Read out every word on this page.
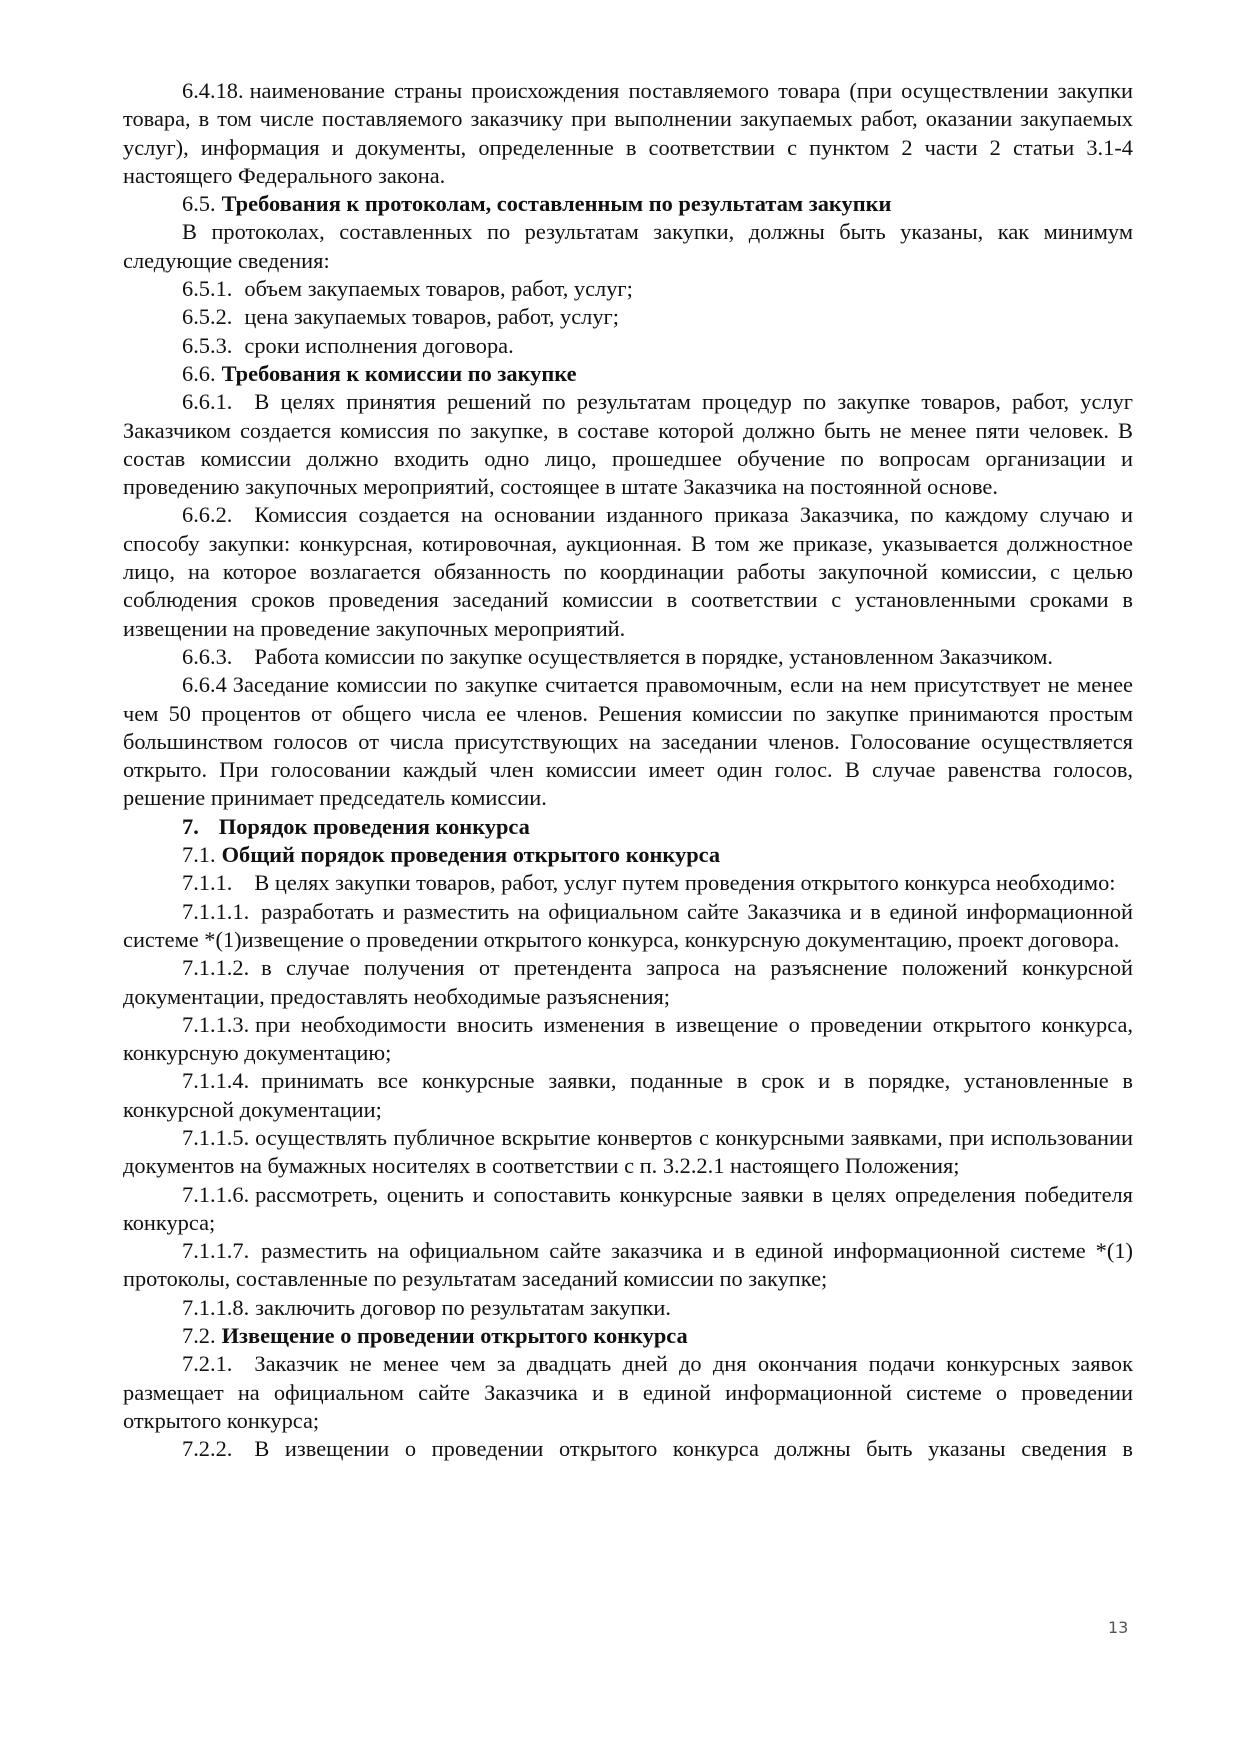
6.4.18. наименование страны происхождения поставляемого товара (при осуществлении закупки товара, в том числе поставляемого заказчику при выполнении закупаемых работ, оказании закупаемых услуг), информация и документы, определенные в соответствии с пунктом 2 части 2 статьи 3.1-4 настоящего Федерального закона.

6.5. Требования к протоколам, составленным по результатам закупки

В протоколах, составленных по результатам закупки, должны быть указаны, как минимум следующие сведения:

6.5.1. объем закупаемых товаров, работ, услуг;

6.5.2. цена закупаемых товаров, работ, услуг;

6.5.3. сроки исполнения договора.

6.6. Требования к комиссии по закупке

6.6.1. В целях принятия решений по результатам процедур по закупке товаров, работ, услуг Заказчиком создается комиссия по закупке, в составе которой должно быть не менее пяти человек. В состав комиссии должно входить одно лицо, прошедшее обучение по вопросам организации и проведению закупочных мероприятий, состоящее в штате Заказчика на постоянной основе.

6.6.2. Комиссия создается на основании изданного приказа Заказчика, по каждому случаю и способу закупки: конкурсная, котировочная, аукционная. В том же приказе, указывается должностное лицо, на которое возлагается обязанность по координации работы закупочной комиссии, с целью соблюдения сроков проведения заседаний комиссии в соответствии с установленными сроками в извещении на проведение закупочных мероприятий.

6.6.3. Работа комиссии по закупке осуществляется в порядке, установленном Заказчиком.

6.6.4 Заседание комиссии по закупке считается правомочным, если на нем присутствует не менее чем 50 процентов от общего числа ее членов. Решения комиссии по закупке принимаются простым большинством голосов от числа присутствующих на заседании членов. Голосование осуществляется открыто. При голосовании каждый член комиссии имеет один голос. В случае равенства голосов, решение принимает председатель комиссии.

7. Порядок проведения конкурса

7.1. Общий порядок проведения открытого конкурса

7.1.1. В целях закупки товаров, работ, услуг путем проведения открытого конкурса необходимо:

7.1.1.1. разработать и разместить на официальном сайте Заказчика и в единой информационной системе *(1)извещение о проведении открытого конкурса, конкурсную документацию, проект договора.

7.1.1.2. в случае получения от претендента запроса на разъяснение положений конкурсной документации, предоставлять необходимые разъяснения;

7.1.1.3. при необходимости вносить изменения в извещение о проведении открытого конкурса, конкурсную документацию;

7.1.1.4. принимать все конкурсные заявки, поданные в срок и в порядке, установленные в конкурсной документации;

7.1.1.5. осуществлять публичное вскрытие конвертов с конкурсными заявками, при использовании документов на бумажных носителях в соответствии с п. 3.2.2.1 настоящего Положения;

7.1.1.6. рассмотреть, оценить и сопоставить конкурсные заявки в целях определения победителя конкурса;

7.1.1.7. разместить на официальном сайте заказчика и в единой информационной системе *(1) протоколы, составленные по результатам заседаний комиссии по закупке;

7.1.1.8. заключить договор по результатам закупки.

7.2. Извещение о проведении открытого конкурса

7.2.1. Заказчик не менее чем за двадцать дней до дня окончания подачи конкурсных заявок размещает на официальном сайте Заказчика и в единой информационной системе о проведении открытого конкурса;

7.2.2. В извещении о проведении открытого конкурса должны быть указаны сведения в

13
